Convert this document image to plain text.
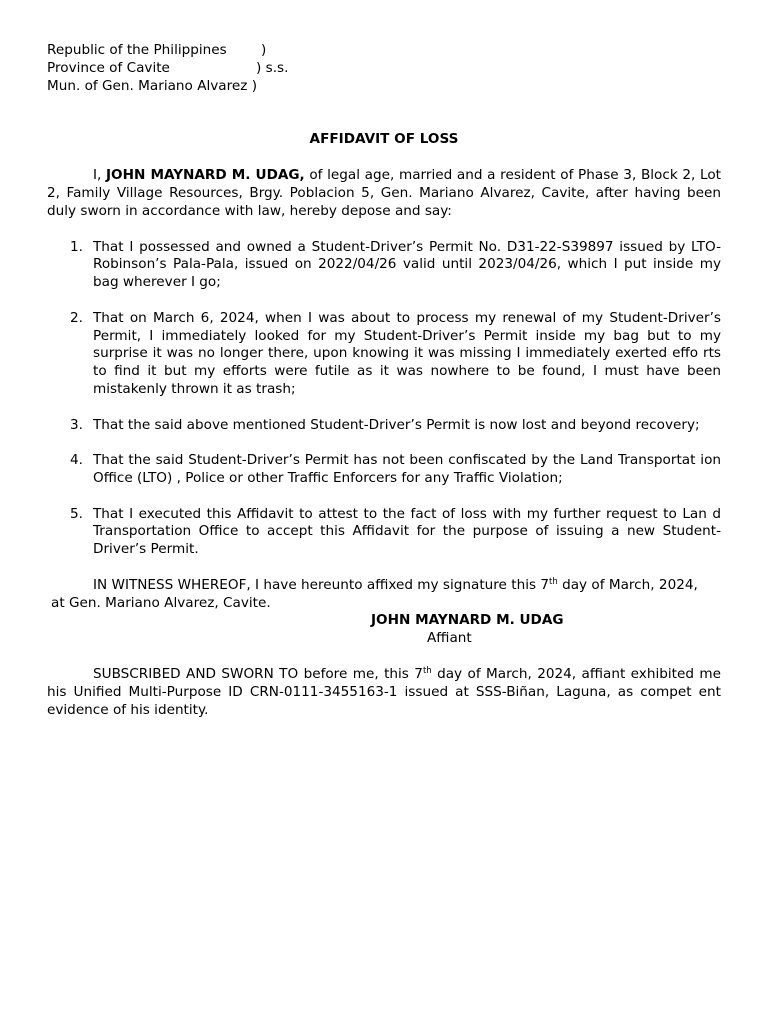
Republic of the Philippines	)
Province of Cavite	) s.s.
Mun. of Gen. Mariano Alvarez )
AFFIDAVIT OF LOSS

I, JOHN MAYNARD M. UDAG, of legal age, married and a resident of Phase 3, Block 2, Lot 2, Family Village Resources, Brgy. Poblacion 5, Gen. Mariano Alvarez, Cavite, after having been duly sworn in accordance with law, hereby depose and say:

1. That I possessed and owned a Student-Driver’s Permit No. D31-22-S39897 issued by LTO-Robinson’s Pala-Pala, issued on 2022/04/26 valid until 2023/04/26, which I put inside my bag wherever I go;
2. That on March 6, 2024, when I was about to process my renewal of my Student-Driver’s Permit, I immediately looked for my Student-Driver’s Permit inside my bag but to my surprise it was no longer there, upon knowing it was missing I immediately exerted effo rts to find it but my efforts were futile as it was nowhere to be found, I must have been mistakenly thrown it as trash;
3. That the said above mentioned Student-Driver’s Permit is now lost and beyond recovery;
4. That the said Student-Driver’s Permit has not been confiscated by the Land Transportat ion Office (LTO) , Police or other Traffic Enforcers for any Traffic Violation;
5. That I executed this Affidavit to attest to the fact of loss with my further request to Lan d Transportation Office to accept this Affidavit for the purpose of issuing a new Student-Driver’s Permit.
IN WITNESS WHEREOF, I have hereunto affixed my signature this 7th day of March, 2024,
at Gen. Mariano Alvarez, Cavite.
JOHN MAYNARD M. UDAG
Affiant

SUBSCRIBED AND SWORN TO before me, this 7th day of March, 2024, affiant exhibited me his Unified Multi-Purpose ID CRN-0111-3455163-1 issued at SSS-Biñan, Laguna, as compet ent evidence of his identity.
